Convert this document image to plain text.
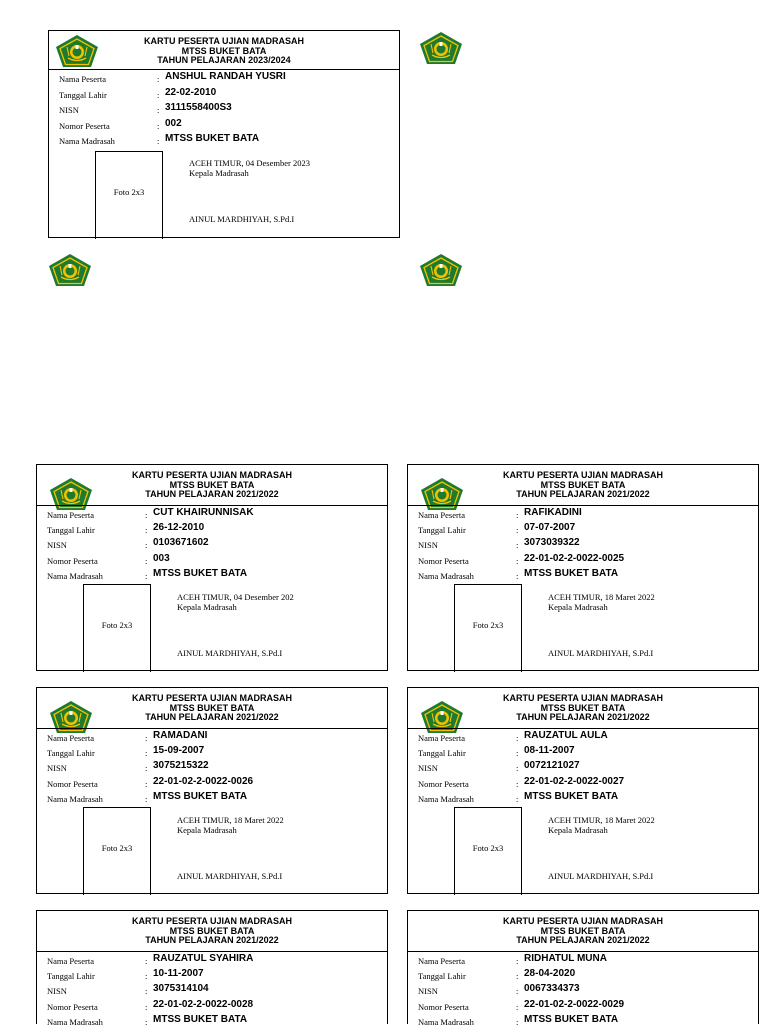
KARTU PESERTA UJIAN MADRASAH
MTSS BUKET BATA
TAHUN PELAJARAN 2023/2024
Nama Peserta	: ANSHUL RANDAH YUSRI
Tanggal Lahir	: 22-02-2010
NISN	: 3111558400S3
Nomor Peserta	: 002
Nama Madrasah	: MTSS BUKET BATA
Foto 2x3
ACEH TIMUR, 04 Desember 2023
Kepala Madrasah
AINUL MARDHIYAH, S.Pd.I
KARTU PESERTA UJIAN MADRASAH
MTSS BUKET BATA
TAHUN PELAJARAN 2021/2022
Nama Peserta	: CUT KHAIRUNNISAK
Tanggal Lahir	: 26-12-2010
NISN	: 0103671602
Nomor Peserta	: 003
Nama Madrasah	: MTSS BUKET BATA
Foto 2x3
ACEH TIMUR, 04 Desember 202
Kepala Madrasah
AINUL MARDHIYAH, S.Pd.I
KARTU PESERTA UJIAN MADRASAH
MTSS BUKET BATA
TAHUN PELAJARAN 2021/2022
Nama Peserta	: RAFIKADINI
Tanggal Lahir	: 07-07-2007
NISN	: 3073039322
Nomor Peserta	: 22-01-02-2-0022-0025
Nama Madrasah	: MTSS BUKET BATA
Foto 2x3
ACEH TIMUR, 18 Maret 2022
Kepala Madrasah
AINUL MARDHIYAH, S.Pd.I
KARTU PESERTA UJIAN MADRASAH
MTSS BUKET BATA
TAHUN PELAJARAN 2021/2022
Nama Peserta	: RAMADANI
Tanggal Lahir	: 15-09-2007
NISN	: 3075215322
Nomor Peserta	: 22-01-02-2-0022-0026
Nama Madrasah	: MTSS BUKET BATA
Foto 2x3
ACEH TIMUR, 18 Maret 2022
Kepala Madrasah
AINUL MARDHIYAH, S.Pd.I
KARTU PESERTA UJIAN MADRASAH
MTSS BUKET BATA
TAHUN PELAJARAN 2021/2022
Nama Peserta	: RAUZATUL AULA
Tanggal Lahir	: 08-11-2007
NISN	: 0072121027
Nomor Peserta	: 22-01-02-2-0022-0027
Nama Madrasah	: MTSS BUKET BATA
Foto 2x3
ACEH TIMUR, 18 Maret 2022
Kepala Madrasah
AINUL MARDHIYAH, S.Pd.I
KARTU PESERTA UJIAN MADRASAH
MTSS BUKET BATA
TAHUN PELAJARAN 2021/2022
Nama Peserta	: RAUZATUL SYAHIRA
Tanggal Lahir	: 10-11-2007
NISN	: 3075314104
Nomor Peserta	: 22-01-02-2-0022-0028
Nama Madrasah	: MTSS BUKET BATA
KARTU PESERTA UJIAN MADRASAH
MTSS BUKET BATA
TAHUN PELAJARAN 2021/2022
Nama Peserta	: RIDHATUL MUNA
Tanggal Lahir	: 28-04-2020
NISN	: 0067334373
Nomor Peserta	: 22-01-02-2-0022-0029
Nama Madrasah	: MTSS BUKET BATA
